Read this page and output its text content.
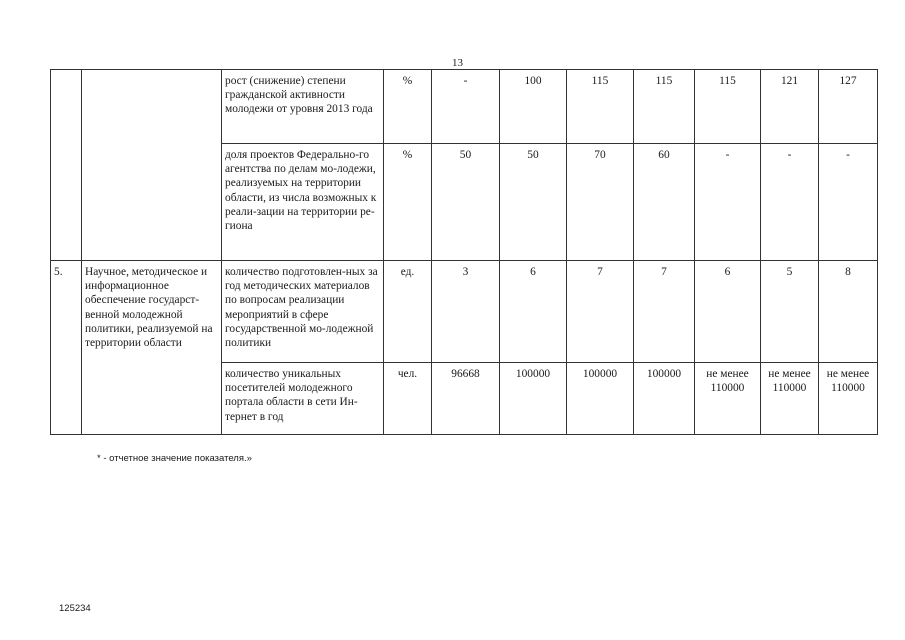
13
		рост (снижение) степени гражданской активности молодежи от уровня 2013 года	%	-	100	115	115	115	121	127
		доля проектов Федерально-го агентства по делам мо-лодежи, реализуемых на территории области, из числа возможных к реали-зации на территории ре-гиона	%	50	50	70	60	-	-	-
5.	Научное, методическое и информационное обеспечение государст-венной молодежной политики, реализуемой на территории области	количество подготовлен-ных за год методических материалов по вопросам реализации мероприятий в сфере государственной мо-лодежной политики	ед.	3	6	7	7	6	5	8
		количество уникальных посетителей молодежного портала области в сети Ин-тернет в год	чел.	96668	100000	100000	100000	не менее 110000	не менее 110000	не менее 110000
* - отчетное значение показателя.»
125234
